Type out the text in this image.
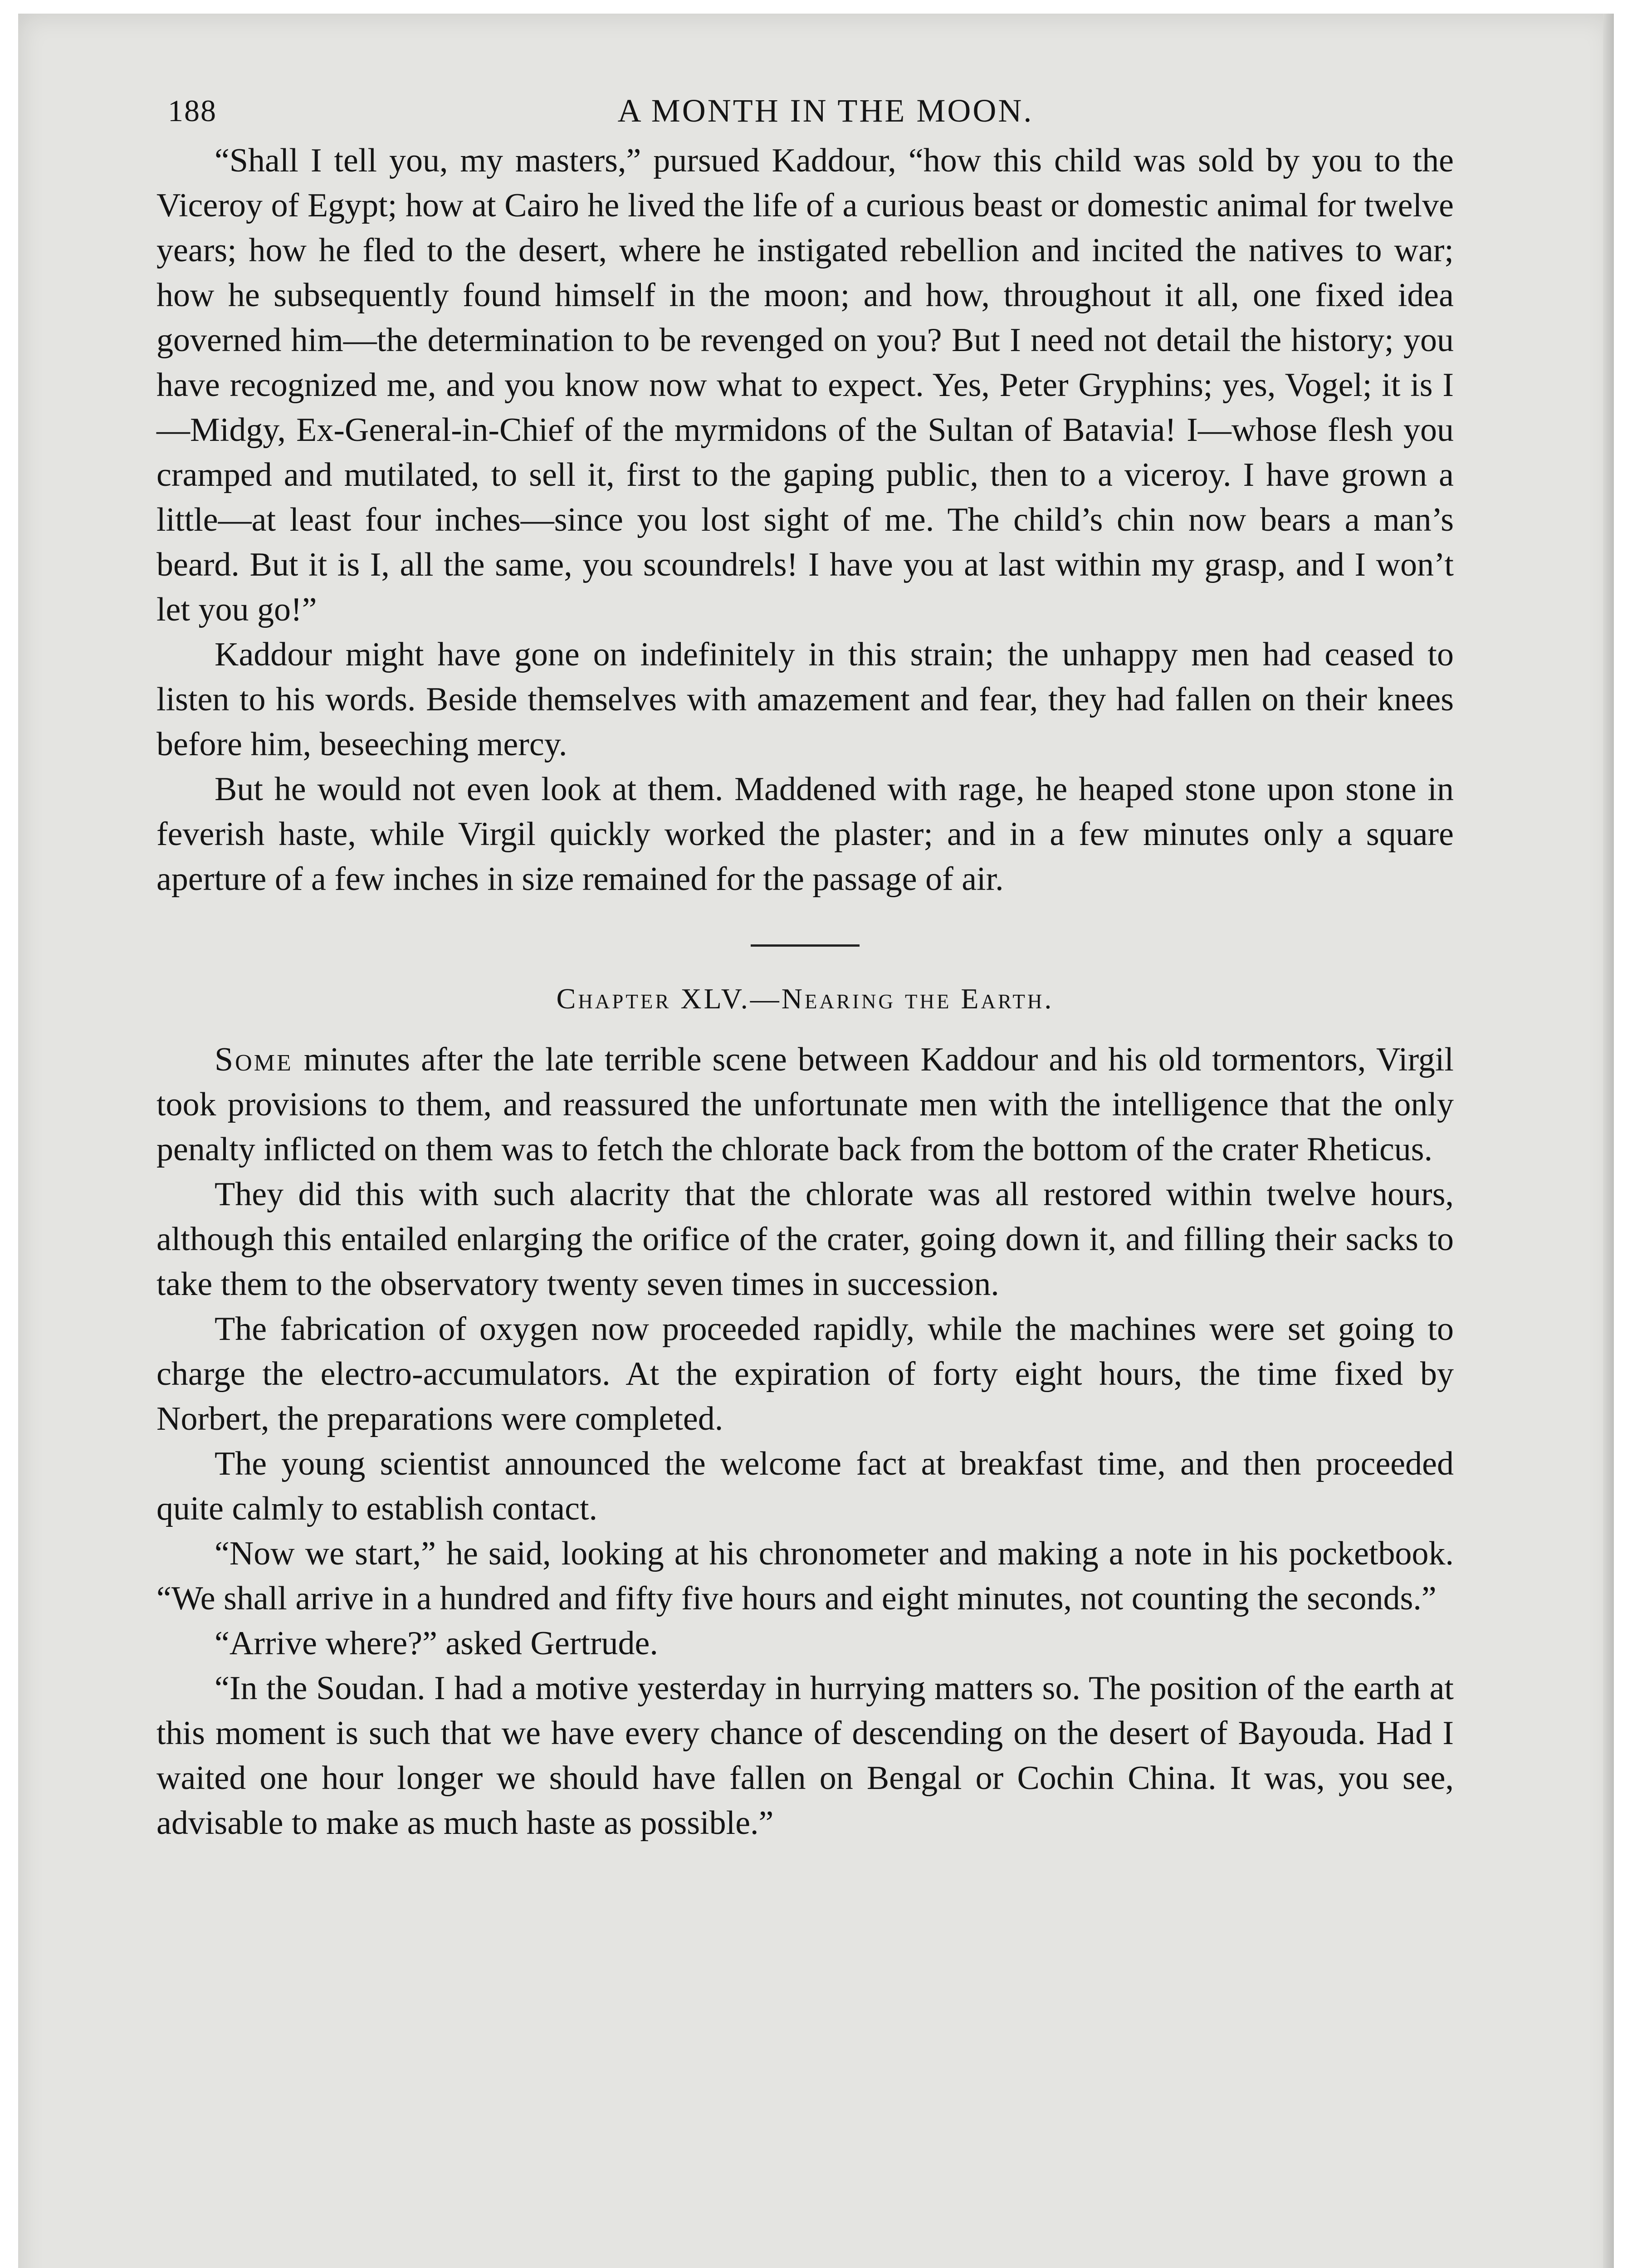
188	A MONTH IN THE MOON.

“Shall I tell you, my masters,” pursued Kaddour, “how this child was sold by you to the Viceroy of Egypt; how at Cairo he lived the life of a curious beast or domestic animal for twelve years; how he fled to the desert, where he instigated rebellion and incited the natives to war; how he subsequently found himself in the moon; and how, throughout it all, one fixed idea governed him—the determination to be revenged on you? But I need not detail the history; you have recognized me, and you know now what to expect. Yes, Peter Gryphins; yes, Vogel; it is I—Midgy, Ex-General-in-Chief of the myrmidons of the Sultan of Batavia! I—whose flesh you cramped and mutilated, to sell it, first to the gaping public, then to a viceroy. I have grown a little—at least four inches—since you lost sight of me. The child’s chin now bears a man’s beard. But it is I, all the same, you scoundrels! I have you at last within my grasp, and I won’t let you go!”

Kaddour might have gone on indefinitely in this strain; the unhappy men had ceased to listen to his words. Beside themselves with amazement and fear, they had fallen on their knees before him, beseeching mercy.

But he would not even look at them. Maddened with rage, he heaped stone upon stone in feverish haste, while Virgil quickly worked the plaster; and in a few minutes only a square aperture of a few inches in size remained for the passage of air.

Chapter XLV.—Nearing the Earth.

Some minutes after the late terrible scene between Kaddour and his old tormentors, Virgil took provisions to them, and reassured the unfortunate men with the intelligence that the only penalty inflicted on them was to fetch the chlorate back from the bottom of the crater Rheticus.

They did this with such alacrity that the chlorate was all restored within twelve hours, although this entailed enlarging the orifice of the crater, going down it, and filling their sacks to take them to the observatory twenty seven times in succession.

The fabrication of oxygen now proceeded rapidly, while the machines were set going to charge the electro-accumulators. At the expiration of forty eight hours, the time fixed by Norbert, the preparations were completed.

The young scientist announced the welcome fact at breakfast time, and then proceeded quite calmly to establish contact.

“Now we start,” he said, looking at his chronometer and making a note in his pocketbook. “We shall arrive in a hundred and fifty five hours and eight minutes, not counting the seconds.”

“Arrive where?” asked Gertrude.

“In the Soudan. I had a motive yesterday in hurrying matters so. The position of the earth at this moment is such that we have every chance of descending on the desert of Bayouda. Had I waited one hour longer we should have fallen on Bengal or Cochin China. It was, you see, advisable to make as much haste as possible.”
